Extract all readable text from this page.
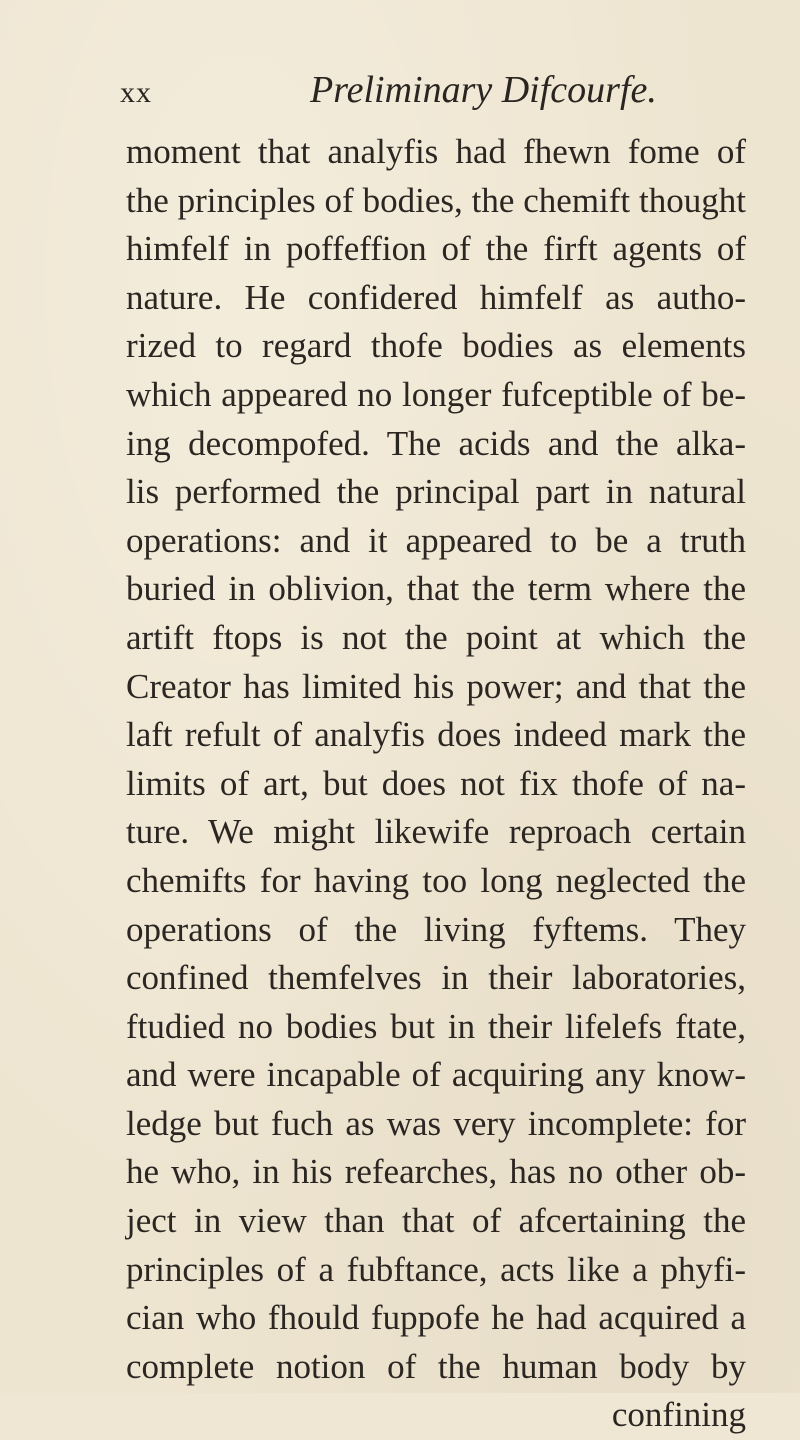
xx	Preliminary Difcourfe.
moment that analyfis had fhewn fome of
the principles of bodies, the chemift thought
himfelf in poffeffion of the firft agents of
nature. He confidered himfelf as autho-
rized to regard thofe bodies as elements
which appeared no longer fufceptible of be-
ing decompofed. The acids and the alka-
lis performed the principal part in natural
operations: and it appeared to be a truth
buried in oblivion, that the term where the
artift ftops is not the point at which the
Creator has limited his power; and that the
laft refult of analyfis does indeed mark the
limits of art, but does not fix thofe of na-
ture. We might likewife reproach certain
chemifts for having too long neglected the
operations of the living fyftems. They
confined themfelves in their laboratories,
ftudied no bodies but in their lifelefs ftate,
and were incapable of acquiring any know-
ledge but fuch as was very incomplete: for
he who, in his refearches, has no other ob-
ject in view than that of afcertaining the
principles of a fubftance, acts like a phyfi-
cian who fhould fuppofe he had acquired a
complete notion of the human body by
confining
